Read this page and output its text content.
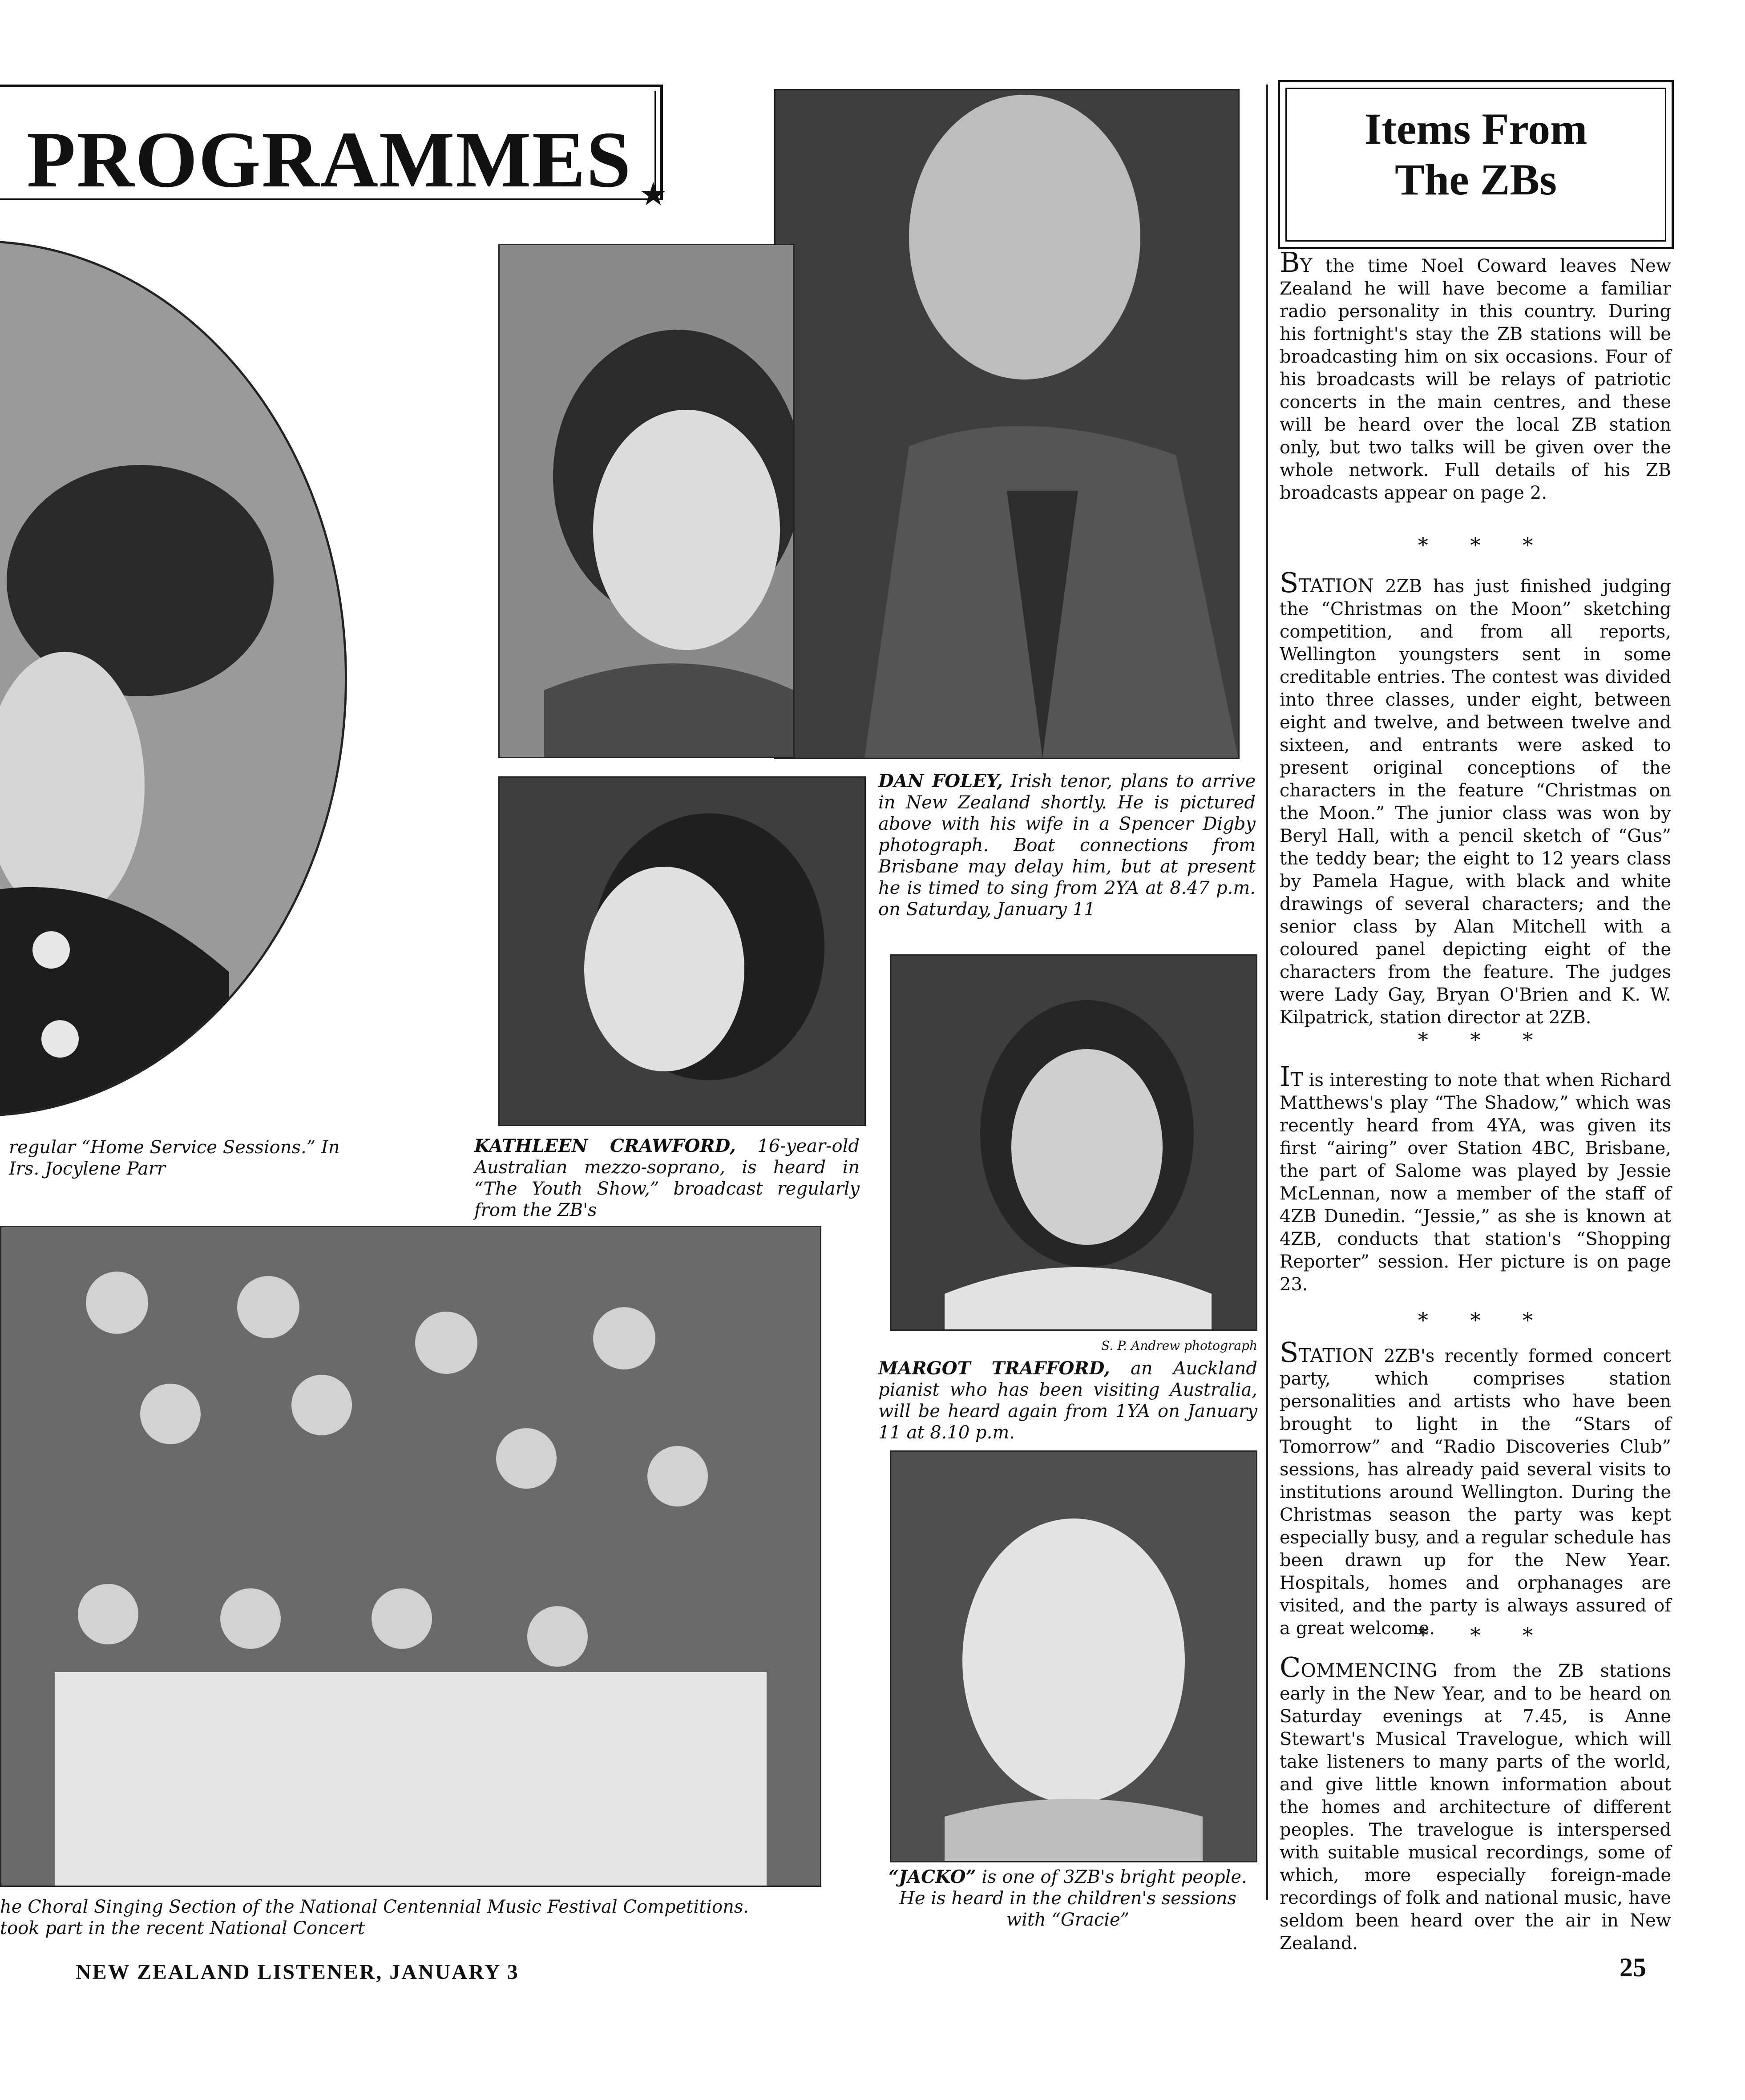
PROGRAMMES ★
regular “Home Service Sessions.” In
Irs. Jocylene Parr
DAN FOLEY, Irish tenor, plans to arrive in New Zealand shortly. He is pictured above with his wife in a Spencer Digby photograph. Boat connections from Brisbane may delay him, but at present he is timed to sing from 2YA at 8.47 p.m. on Saturday, January 11
KATHLEEN CRAWFORD, 16-year-old Australian mezzo-soprano, is heard in “The Youth Show,” broadcast regularly from the ZB's
he Choral Singing Section of the National Centennial Music Festival Competitions.
took part in the recent National Concert
S. P. Andrew photograph
MARGOT TRAFFORD, an Auckland pianist who has been visiting Australia, will be heard again from 1YA on January 11 at 8.10 p.m.
“JACKO” is one of 3ZB's bright people. He is heard in the children's sessions with “Gracie”
Items From
The ZBs
BY the time Noel Coward leaves New Zealand he will have become a familiar radio personality in this country. During his fortnight's stay the ZB stations will be broadcasting him on six occasions. Four of his broadcasts will be relays of patriotic concerts in the main centres, and these will be heard over the local ZB station only, but two talks will be given over the whole network. Full details of his ZB broadcasts appear on page 2.
* * *
STATION 2ZB has just finished judging the “Christmas on the Moon” sketching competition, and from all reports, Wellington youngsters sent in some creditable entries. The contest was divided into three classes, under eight, between eight and twelve, and between twelve and sixteen, and entrants were asked to present original conceptions of the characters in the feature “Christmas on the Moon.” The junior class was won by Beryl Hall, with a pencil sketch of “Gus” the teddy bear; the eight to 12 years class by Pamela Hague, with black and white drawings of several characters; and the senior class by Alan Mitchell with a coloured panel depicting eight of the characters from the feature. The judges were Lady Gay, Bryan O'Brien and K. W. Kilpatrick, station director at 2ZB.
* * *
IT is interesting to note that when Richard Matthews's play “The Shadow,” which was recently heard from 4YA, was given its first “airing” over Station 4BC, Brisbane, the part of Salome was played by Jessie McLennan, now a member of the staff of 4ZB Dunedin. “Jessie,” as she is known at 4ZB, conducts that station's “Shopping Reporter” session. Her picture is on page 23.
* * *
STATION 2ZB's recently formed concert party, which comprises station personalities and artists who have been brought to light in the “Stars of Tomorrow” and “Radio Discoveries Club” sessions, has already paid several visits to institutions around Wellington. During the Christmas season the party was kept especially busy, and a regular schedule has been drawn up for the New Year. Hospitals, homes and orphanages are visited, and the party is always assured of a great welcome.
* * *
COMMENCING from the ZB stations early in the New Year, and to be heard on Saturday evenings at 7.45, is Anne Stewart's Musical Travelogue, which will take listeners to many parts of the world, and give little known information about the homes and architecture of different peoples. The travelogue is interspersed with suitable musical recordings, some of which, more especially foreign-made recordings of folk and national music, have seldom been heard over the air in New Zealand.
NEW ZEALAND LISTENER, JANUARY 3	25
